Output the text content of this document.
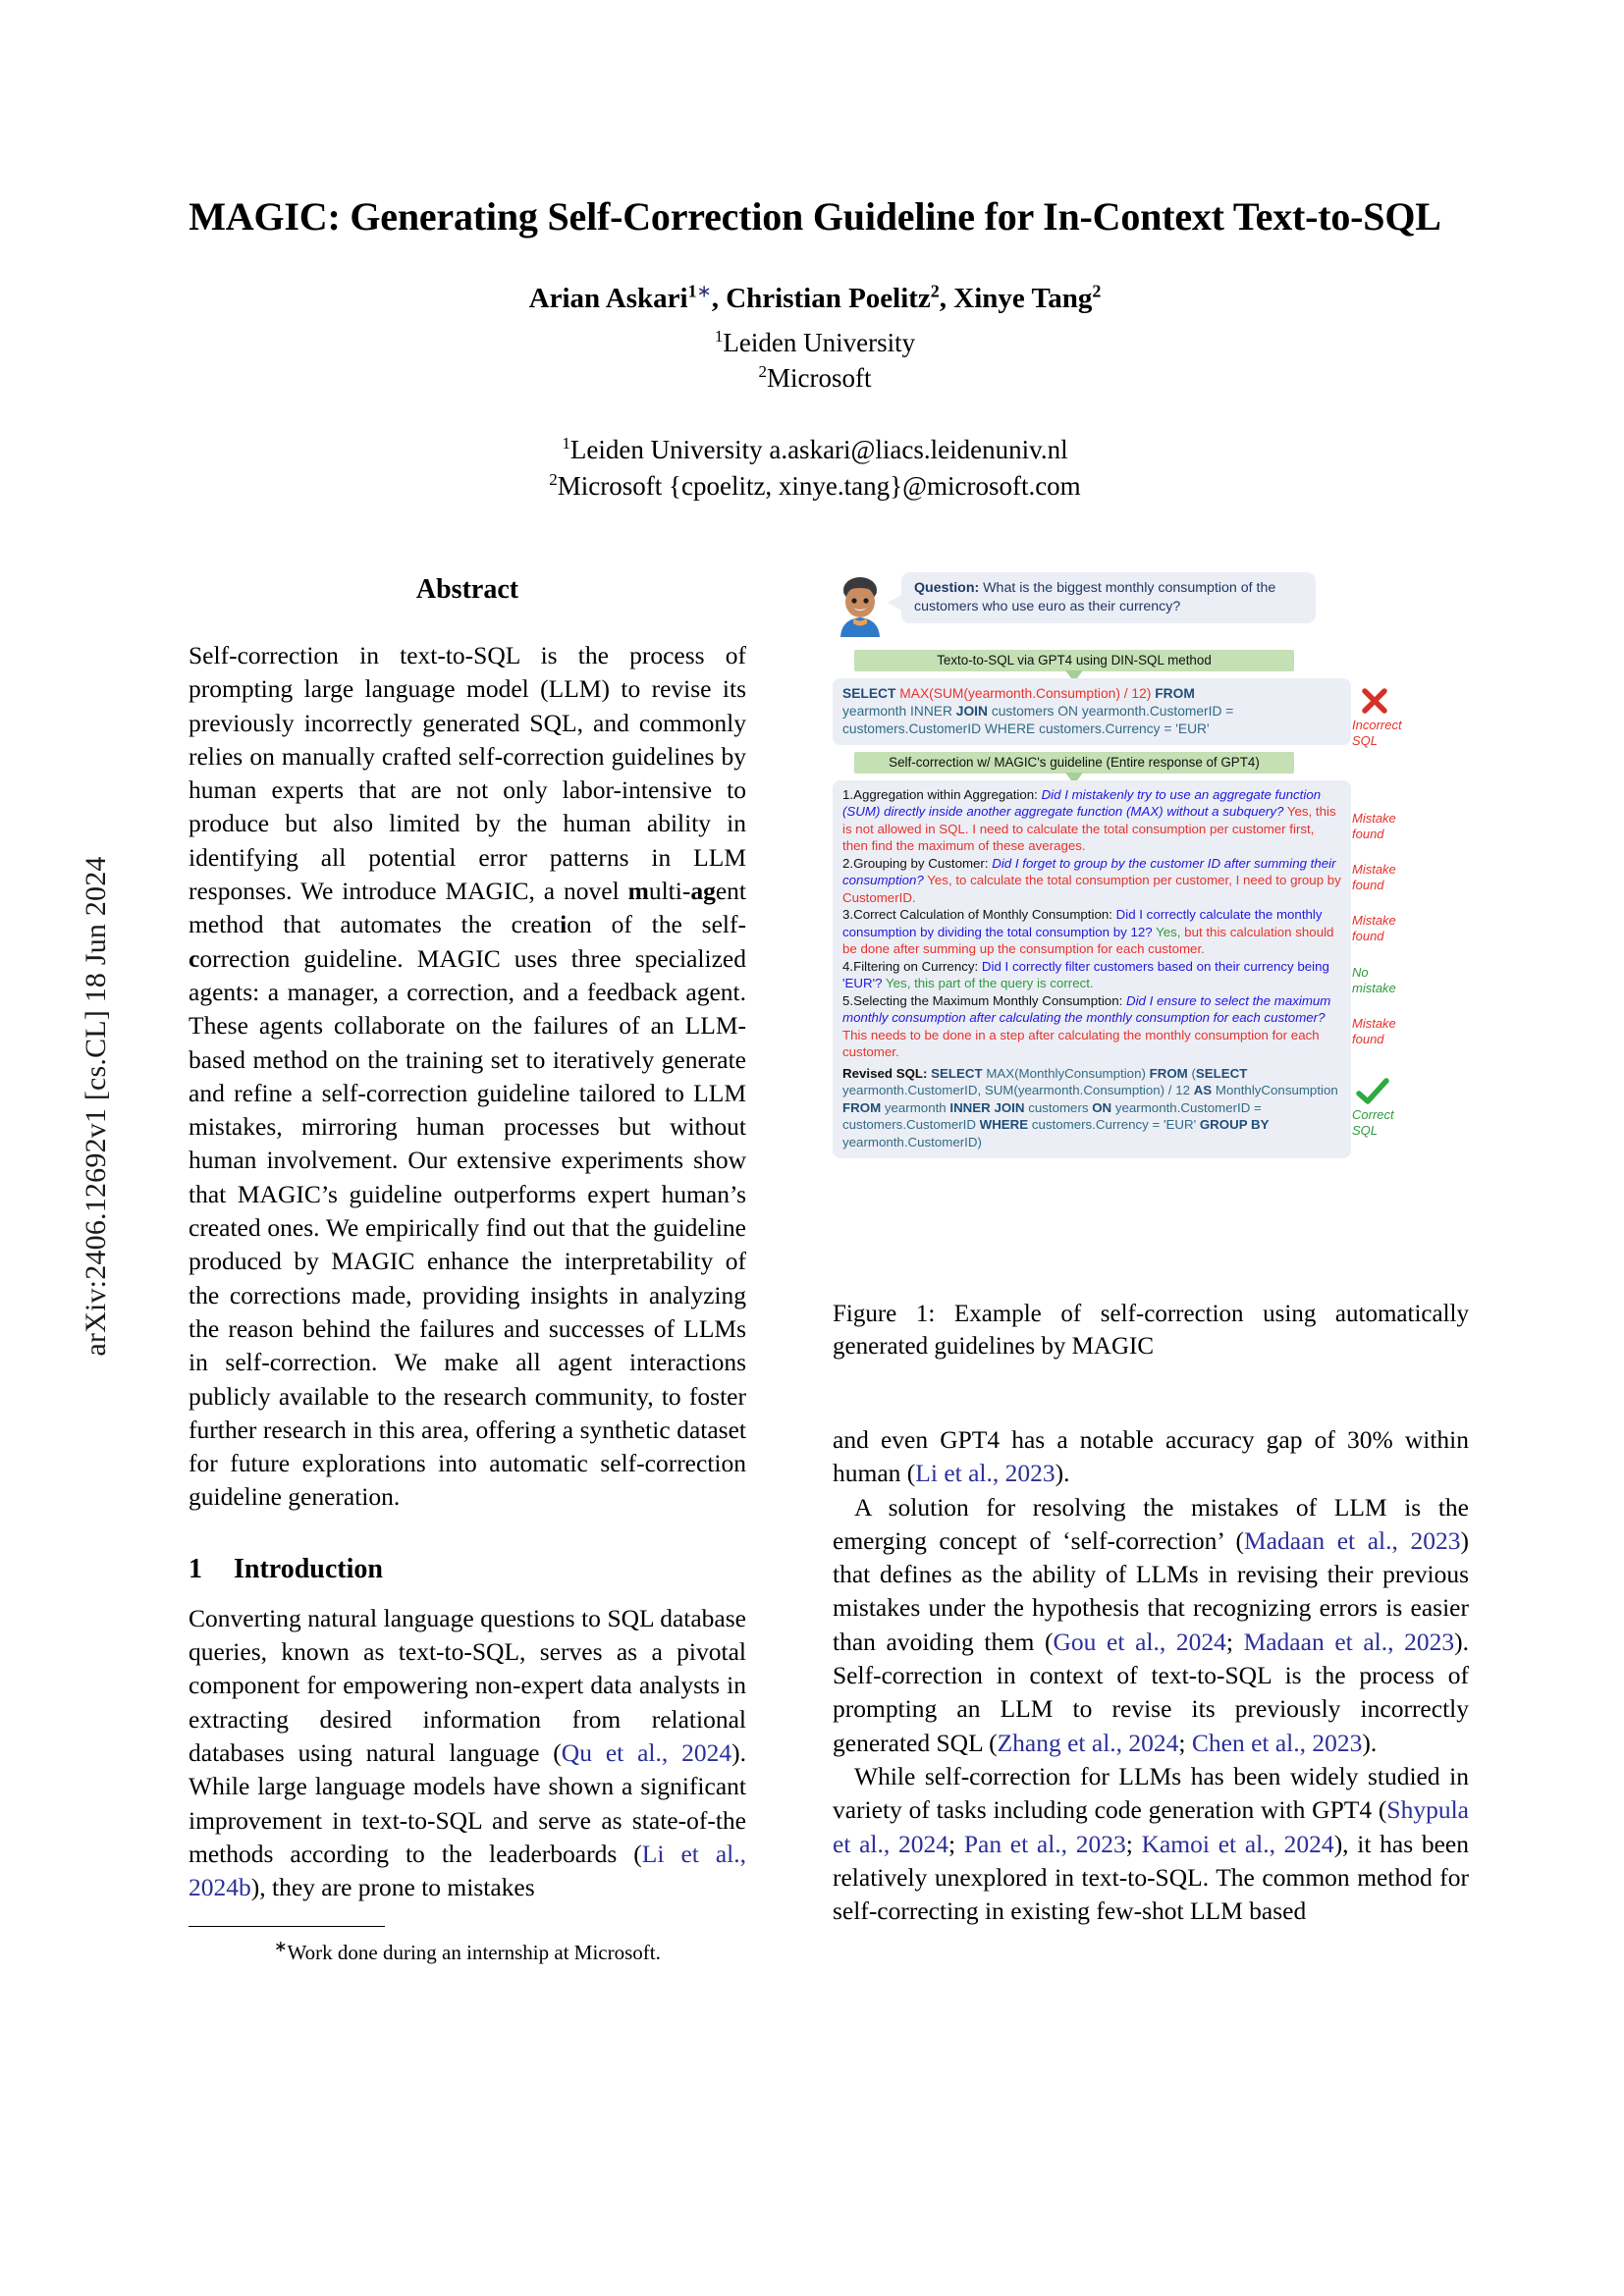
arXiv:2406.12692v1 [cs.CL] 18 Jun 2024
MAGIC: Generating Self-Correction Guideline for In-Context Text-to-SQL
Arian Askari$^{1∗}$, Christian Poelitz$^2$, Xinye Tang$^2$
$^1$Leiden University
$^2$Microsoft
$^1$Leiden University a.askari@liacs.leidenuniv.nl
$^2$Microsoft {cpoelitz, xinye.tang}@microsoft.com
Abstract
Self-correction in text-to-SQL is the process of prompting large language model (LLM) to revise its previously incorrectly generated SQL, and commonly relies on manually crafted self-correction guidelines by human experts that are not only labor-intensive to produce but also limited by the human ability in identifying all potential error patterns in LLM responses. We introduce MAGIC, a novel multi-agent method that automates the creation of the self-correction guideline. MAGIC uses three specialized agents: a manager, a correction, and a feedback agent. These agents collaborate on the failures of an LLM-based method on the training set to iteratively generate and refine a self-correction guideline tailored to LLM mistakes, mirroring human processes but without human involvement. Our extensive experiments show that MAGIC’s guideline outperforms expert human’s created ones. We empirically find out that the guideline produced by MAGIC enhance the interpretability of the corrections made, providing insights in analyzing the reason behind the failures and successes of LLMs in self-correction. We make all agent interactions publicly available to the research community, to foster further research in this area, offering a synthetic dataset for future explorations into automatic self-correction guideline generation.
1 Introduction
Converting natural language questions to SQL database queries, known as text-to-SQL, serves as a pivotal component for empowering non-expert data analysts in extracting desired information from relational databases using natural language (Qu et al., 2024). While large language models have shown a significant improvement in text-to-SQL and serve as state-of-the methods according to the leaderboards (Li et al., 2024b), they are prone to mistakes
∗Work done during an internship at Microsoft.
Question: What is the biggest monthly consumption of the customers who use euro as their currency?
Texto-to-SQL via GPT4 using DIN-SQL method
SELECT MAX(SUM(yearmonth.Consumption) / 12) FROM
yearmonth INNER JOIN customers ON yearmonth.CustomerID =
customers.CustomerID WHERE customers.Currency = 'EUR'	Incorrect
SQL
Self-correction w/ MAGIC's guideline (Entire response of GPT4)
1.Aggregation within Aggregation: Did I mistakenly try to use an aggregate function (SUM) directly inside another aggregate function (MAX) without a subquery? Yes, this is not allowed in SQL. I need to calculate the total consumption per customer first, then find the maximum of these averages.
2.Grouping by Customer: Did I forget to group by the customer ID after summing their consumption? Yes, to calculate the total consumption per customer, I need to group by CustomerID.
3.Correct Calculation of Monthly Consumption: Did I correctly calculate the monthly consumption by dividing the total consumption by 12? Yes, but this calculation should be done after summing up the consumption for each customer.
4.Filtering on Currency: Did I correctly filter customers based on their currency being 'EUR'? Yes, this part of the query is correct.
5.Selecting the Maximum Monthly Consumption: Did I ensure to select the maximum monthly consumption after calculating the monthly consumption for each customer? This needs to be done in a step after calculating the monthly consumption for each customer.
Revised SQL: SELECT MAX(MonthlyConsumption) FROM (SELECT yearmonth.CustomerID, SUM(yearmonth.Consumption) / 12 AS MonthlyConsumption FROM yearmonth INNER JOIN customers ON yearmonth.CustomerID = customers.CustomerID WHERE customers.Currency = 'EUR' GROUP BY yearmonth.CustomerID)
Mistake
found
Mistake
found
Mistake
found
No
mistake
Mistake
found
Correct
SQL
Figure 1: Example of self-correction using automatically generated guidelines by MAGIC
and even GPT4 has a notable accuracy gap of 30% within human (Li et al., 2023).
A solution for resolving the mistakes of LLM is the emerging concept of ‘self-correction’ (Madaan et al., 2023) that defines as the ability of LLMs in revising their previous mistakes under the hypothesis that recognizing errors is easier than avoiding them (Gou et al., 2024; Madaan et al., 2023). Self-correction in context of text-to-SQL is the process of prompting an LLM to revise its previously incorrectly generated SQL (Zhang et al., 2024; Chen et al., 2023).
While self-correction for LLMs has been widely studied in variety of tasks including code generation with GPT4 (Shypula et al., 2024; Pan et al., 2023; Kamoi et al., 2024), it has been relatively unexplored in text-to-SQL. The common method for self-correcting in existing few-shot LLM based
